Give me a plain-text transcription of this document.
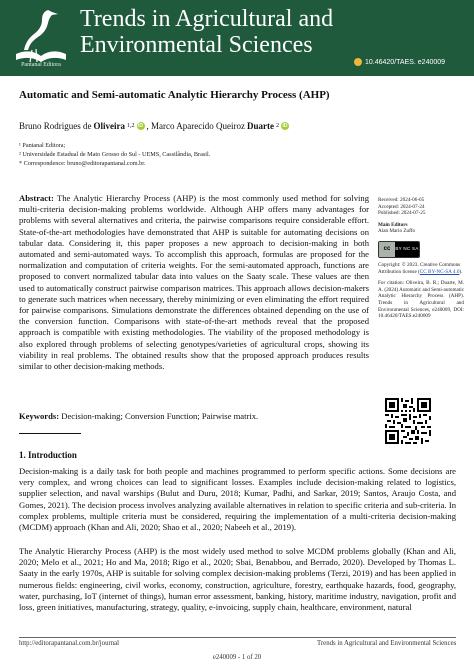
Pantanal Editora
Trends in Agricultural and
Environmental Sciences
10.46420/TAES. e240009
Automatic and Semi-automatic Analytic Hierarchy Process (AHP)
Bruno Rodrigues de Oliveira 1,2 iD , Marco Aparecido Queiroz Duarte 2 iD
¹ Pantanal Editora;
² Universidade Estadual de Mato Grosso do Sul - UEMS, Cassilândia, Brasil.
* Correspondence: bruno@editorapantanal.com.br.
Abstract: The Analytic Hierarchy Process (AHP) is the most commonly used method for solving multi-criteria decision-making problems worldwide. Although AHP offers many advantages for problems with several alternatives and criteria, the pairwise comparisons require considerable effort. State-of-the-art methodologies have demonstrated that AHP is suitable for automating decisions on tabular data. Considering it, this paper proposes a new approach to decision-making in both automated and semi-automated ways. To accomplish this approach, formulas are proposed for the normalization and computation of criteria weights. For the semi-automated approach, functions are proposed to convert normalized tabular data into values on the Saaty scale. These values are then used to automatically construct pairwise comparison matrices. This approach allows decision-makers to generate such matrices when necessary, thereby minimizing or even eliminating the effort required for pairwise comparisons. Simulations demonstrate the differences obtained depending on the use of the conversion function. Comparisons with state-of-the-art methods reveal that the proposed approach is compatible with existing methodologies. The viability of the proposed methodology is also explored through problems of selecting genotypes/varieties of agricultural crops, showing its viability in real problems. The obtained results show that the proposed approach produces results similar to other decision-making methods.
Keywords: Decision-making; Conversion Function; Pairwise matrix.
Received: 2024-06-05
Accepted: 2024-07-24
Published: 2024-07-25
Main Editors
Alan Mario Zuffo
cc	BY NC SA
Copyright: © 2023. Creative Commons Attribution license (CC BY-NC-SA 4.0).
For citation: Oliveira, B. R.; Duarte, M. A. (2024) Automatic and Semi-automatic Analytic Hierarchy Process (AHP). Trends in Agricultural and Environmental Sciences, e240009, DOI: 10.46420/TAES.e240009
1. Introduction
Decision-making is a daily task for both people and machines programmed to perform specific actions. Some decisions are very complex, and wrong choices can lead to significant losses. Examples include decision-making related to logistics, supplier selection, and naval warships (Bulut and Duru, 2018; Kumar, Padhi, and Sarkar, 2019; Santos, Araujo Costa, and Gomes, 2021). The decision process involves analyzing available alternatives in relation to specific criteria and sub-criteria. In complex problems, multiple criteria must be considered, requiring the implementation of a multi-criteria decision-making (MCDM) approach (Khan and Ali, 2020; Shao et al., 2020; Nabeeh et al., 2019).
The Analytic Hierarchy Process (AHP) is the most widely used method to solve MCDM problems globally (Khan and Ali, 2020; Melo et al., 2021; Ho and Ma, 2018; Rigo et al., 2020; Sbai, Benabbou, and Berrado, 2020). Developed by Thomas L. Saaty in the early 1970s, AHP is suitable for solving complex decision-making problems (Terzi, 2019) and has been applied in numerous fields: engineering, civil works, economy, construction, agriculture, forestry, earthquake hazards, food, geography, water, purchasing, IoT (internet of things), human error assessment, banking, history, maritime industry, navigation, profit and loss, green initiatives, manufacturing, strategy, quality, e-invoicing, supply chain, healthcare, environment, natural
http://editorapantanal.com.br/journal	Trends in Agricultural and Environmental Sciences
e240009 - 1 of 20
